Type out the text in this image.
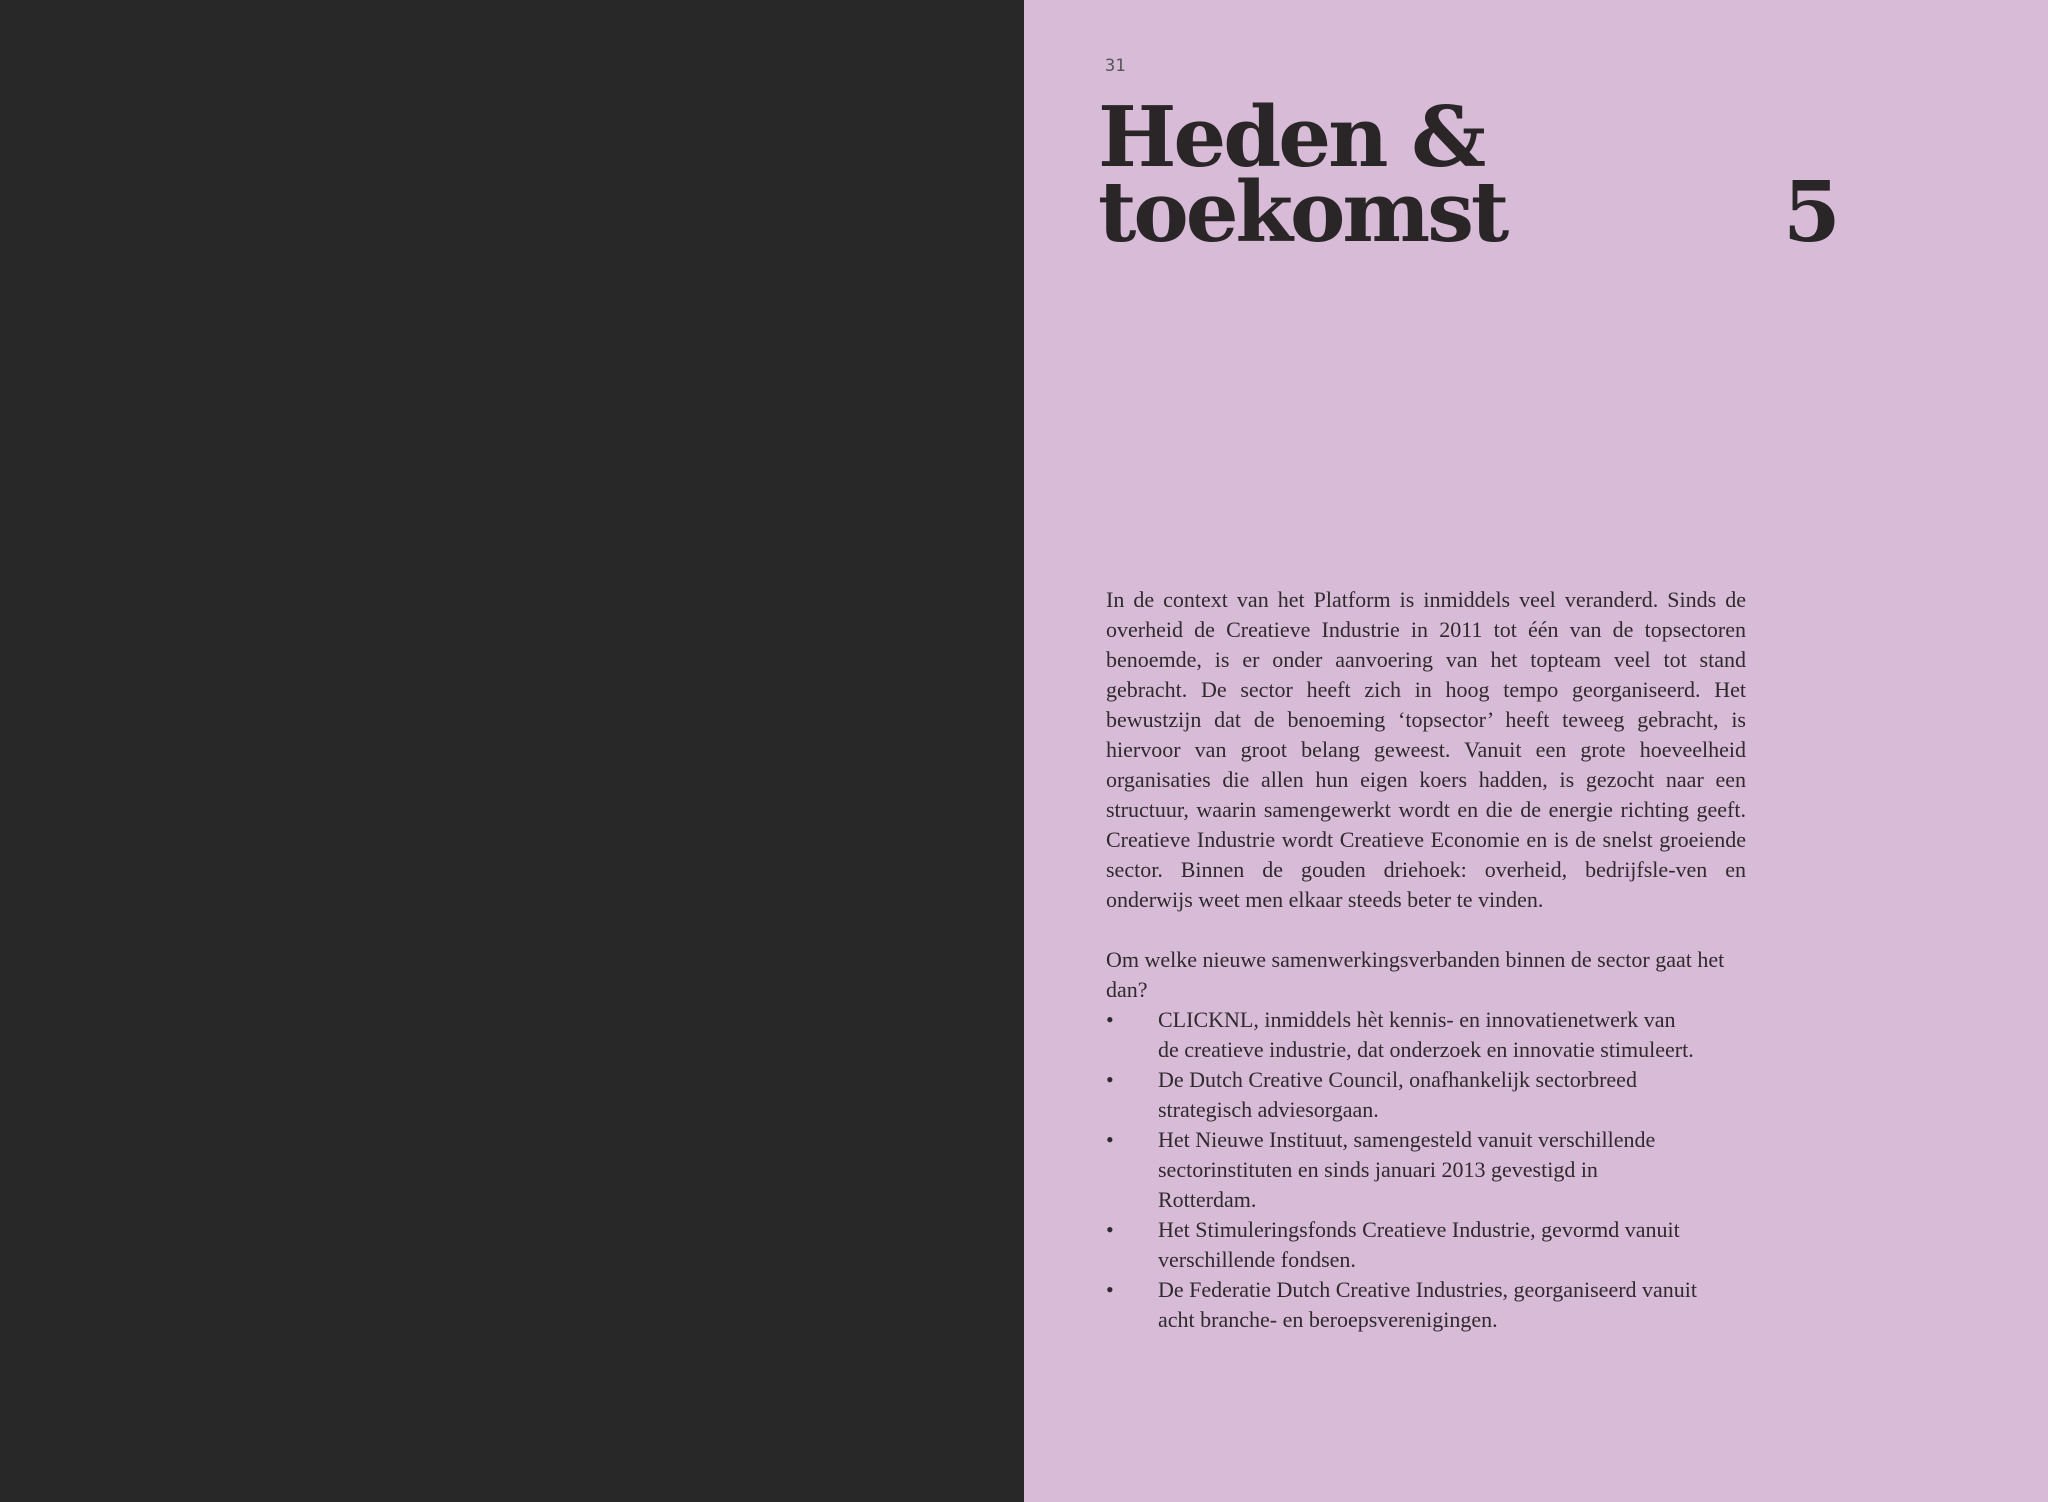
31
Heden &
toekomst	5

In de context van het Platform is inmiddels veel veranderd. Sinds de overheid de Creatieve Industrie in 2011 tot één van de topsectoren benoemde, is er onder aanvoering van het topteam veel tot stand gebracht. De sector heeft zich in hoog tempo georganiseerd. Het bewustzijn dat de benoeming ‘topsector’ heeft teweeg gebracht, is hiervoor van groot belang geweest. Vanuit een grote hoeveelheid organisaties die allen hun eigen koers hadden, is gezocht naar een structuur, waarin samengewerkt wordt en die de energie richting geeft. Creatieve Industrie wordt Creatieve Economie en is de snelst groeiende sector. Binnen de gouden driehoek: overheid, bedrijfsle-ven en onderwijs weet men elkaar steeds beter te vinden.

Om welke nieuwe samenwerkingsverbanden binnen de sector gaat het dan?

• CLICKNL, inmiddels hèt kennis- en innovatienetwerk van de creatieve industrie, dat onderzoek en innovatie stimuleert.
• De Dutch Creative Council, onafhankelijk sectorbreed strategisch adviesorgaan.
• Het Nieuwe Instituut, samengesteld vanuit verschillende sectorinstituten en sinds januari 2013 gevestigd in Rotterdam.
• Het Stimuleringsfonds Creatieve Industrie, gevormd vanuit verschillende fondsen.
• De Federatie Dutch Creative Industries, georganiseerd vanuit acht branche- en beroepsverenigingen.
